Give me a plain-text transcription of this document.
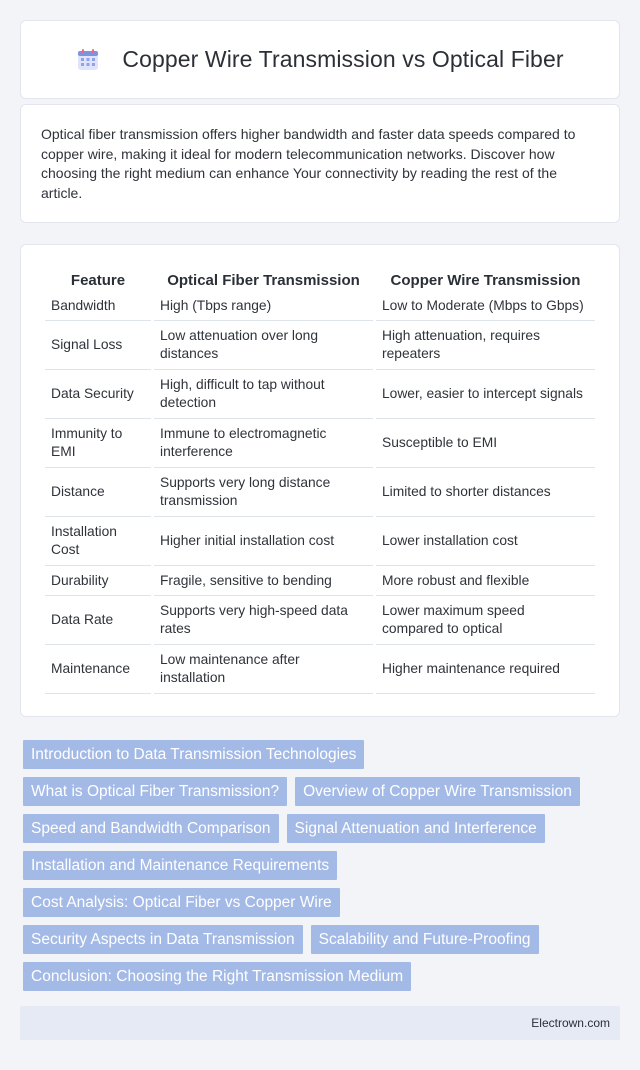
Copper Wire Transmission vs Optical Fiber

Optical fiber transmission offers higher bandwidth and faster data speeds compared to copper wire, making it ideal for modern telecommunication networks. Discover how choosing the right medium can enhance Your connectivity by reading the rest of the article.

Feature	Optical Fiber Transmission	Copper Wire Transmission
Bandwidth	High (Tbps range)	Low to Moderate (Mbps to Gbps)
Signal Loss	Low attenuation over long distances	High attenuation, requires repeaters
Data Security	High, difficult to tap without detection	Lower, easier to intercept signals
Immunity to EMI	Immune to electromagnetic interference	Susceptible to EMI
Distance	Supports very long distance transmission	Limited to shorter distances
Installation Cost	Higher initial installation cost	Lower installation cost
Durability	Fragile, sensitive to bending	More robust and flexible
Data Rate	Supports very high-speed data rates	Lower maximum speed compared to optical
Maintenance	Low maintenance after installation	Higher maintenance required
Introduction to Data Transmission Technologies
What is Optical Fiber Transmission?	Overview of Copper Wire Transmission
Speed and Bandwidth Comparison	Signal Attenuation and Interference
Installation and Maintenance Requirements
Cost Analysis: Optical Fiber vs Copper Wire
Security Aspects in Data Transmission	Scalability and Future-Proofing
Conclusion: Choosing the Right Transmission Medium
Electrown.com
